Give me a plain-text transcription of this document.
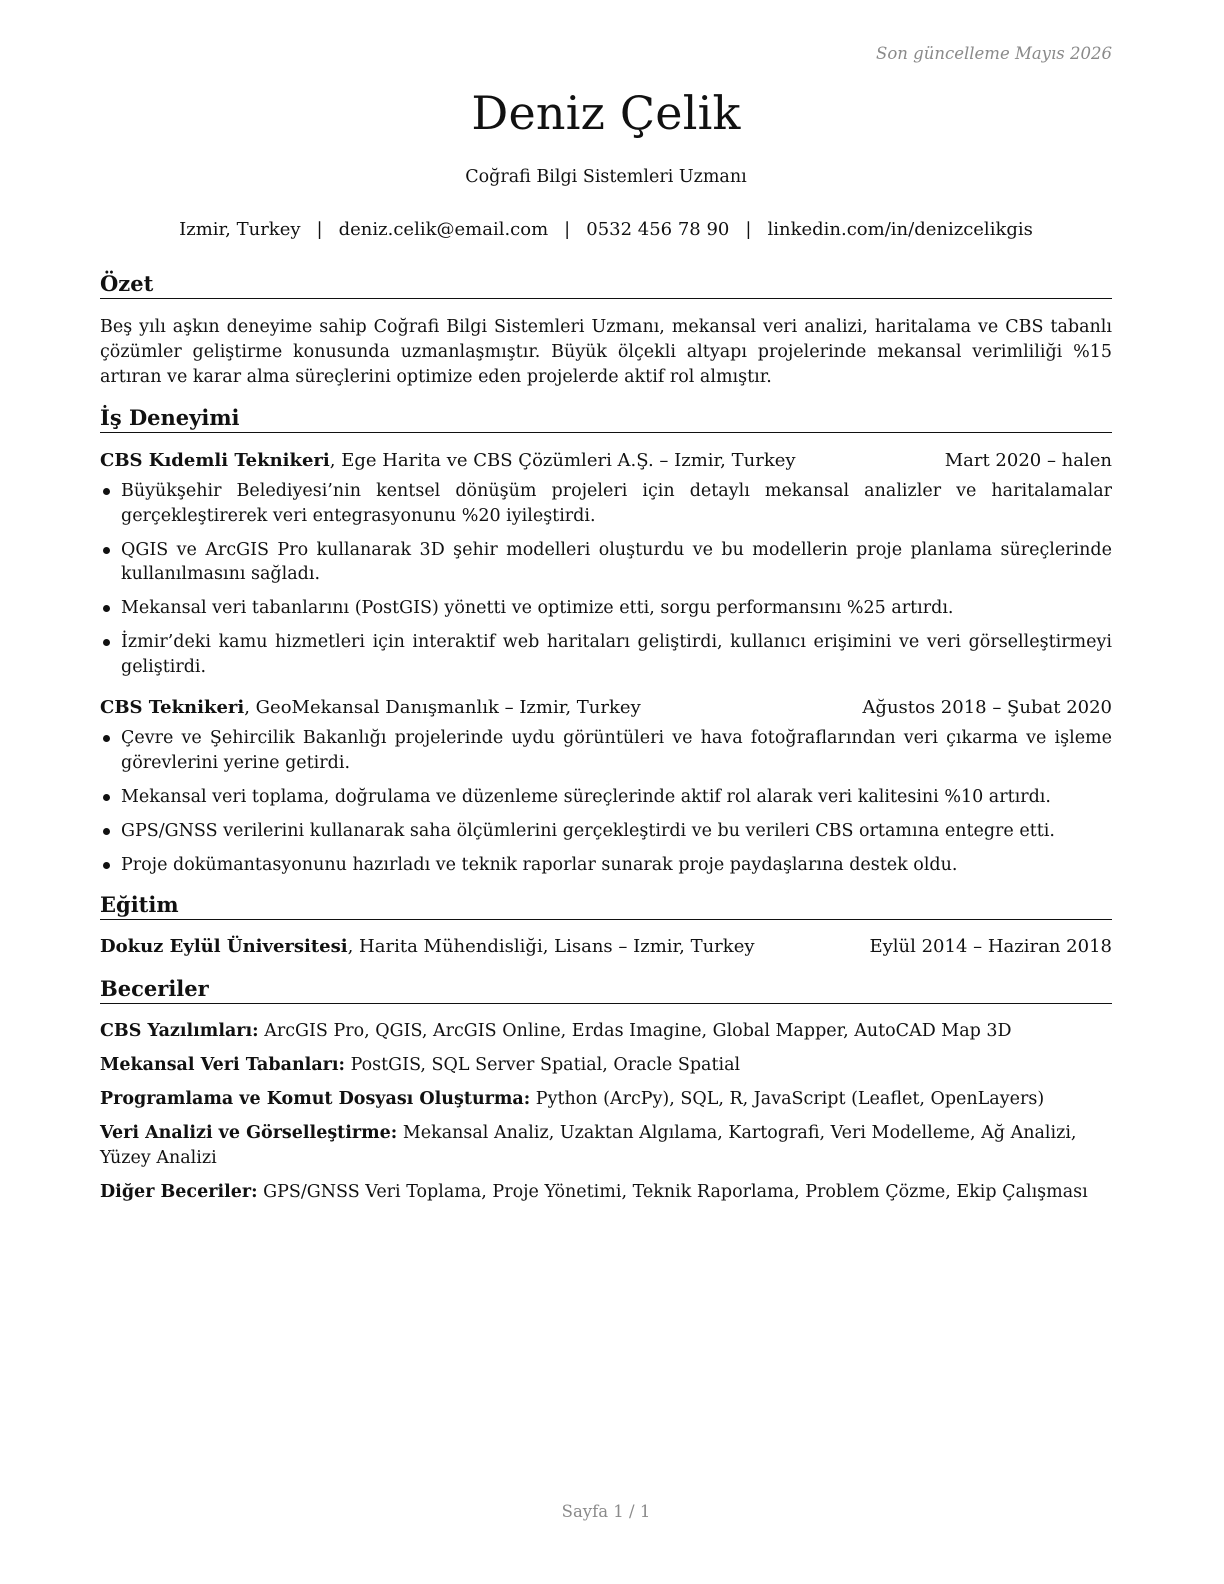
Son güncelleme Mayıs 2026
Deniz Çelik
Coğrafi Bilgi Sistemleri Uzmanı
Izmir, Turkey | deniz.celik@email.com | 0532 456 78 90 | linkedin.com/in/denizcelikgis
Özet
Beş yılı aşkın deneyime sahip Coğrafi Bilgi Sistemleri Uzmanı, mekansal veri analizi, haritalama ve CBS tabanlı çözümler geliştirme konusunda uzmanlaşmıştır. Büyük ölçekli altyapı projelerinde mekansal verimliliği %15 artıran ve karar alma süreçlerini optimize eden projelerde aktif rol almıştır.
İş Deneyimi
CBS Kıdemli Teknikeri, Ege Harita ve CBS Çözümleri A.Ş. – Izmir, Turkey	Mart 2020 – halen
Büyükşehir Belediyesi’nin kentsel dönüşüm projeleri için detaylı mekansal analizler ve haritalamalar gerçekleştirerek veri entegrasyonunu %20 iyileştirdi.
QGIS ve ArcGIS Pro kullanarak 3D şehir modelleri oluşturdu ve bu modellerin proje planlama süreçlerinde kullanılmasını sağladı.
Mekansal veri tabanlarını (PostGIS) yönetti ve optimize etti, sorgu performansını %25 artırdı.
İzmir’deki kamu hizmetleri için interaktif web haritaları geliştirdi, kullanıcı erişimini ve veri görselleştirmeyi geliştirdi.
CBS Teknikeri, GeoMekansal Danışmanlık – Izmir, Turkey	Ağustos 2018 – Şubat 2020
Çevre ve Şehircilik Bakanlığı projelerinde uydu görüntüleri ve hava fotoğraflarından veri çıkarma ve işleme görevlerini yerine getirdi.
Mekansal veri toplama, doğrulama ve düzenleme süreçlerinde aktif rol alarak veri kalitesini %10 artırdı.
GPS/GNSS verilerini kullanarak saha ölçümlerini gerçekleştirdi ve bu verileri CBS ortamına entegre etti.
Proje dokümantasyonunu hazırladı ve teknik raporlar sunarak proje paydaşlarına destek oldu.
Eğitim
Dokuz Eylül Üniversitesi, Harita Mühendisliği, Lisans – Izmir, Turkey	Eylül 2014 – Haziran 2018
Beceriler
CBS Yazılımları: ArcGIS Pro, QGIS, ArcGIS Online, Erdas Imagine, Global Mapper, AutoCAD Map 3D
Mekansal Veri Tabanları: PostGIS, SQL Server Spatial, Oracle Spatial
Programlama ve Komut Dosyası Oluşturma: Python (ArcPy), SQL, R, JavaScript (Leaflet, OpenLayers)
Veri Analizi ve Görselleştirme: Mekansal Analiz, Uzaktan Algılama, Kartografi, Veri Modelleme, Ağ Analizi, Yüzey Analizi
Diğer Beceriler: GPS/GNSS Veri Toplama, Proje Yönetimi, Teknik Raporlama, Problem Çözme, Ekip Çalışması
Sayfa 1 / 1
